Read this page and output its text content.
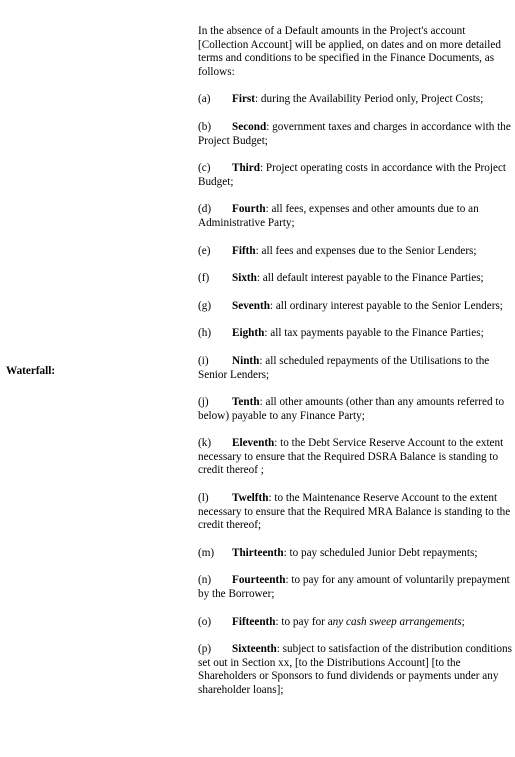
Waterfall:
In the absence of a Default amounts in the Project's account [Collection Account] will be applied, on dates and on more detailed terms and conditions to be specified in the Finance Documents, as follows:
(a) First: during the Availability Period only, Project Costs;
(b) Second: government taxes and charges in accordance with the Project Budget;
(c) Third: Project operating costs in accordance with the Project Budget;
(d) Fourth: all fees, expenses and other amounts due to an Administrative Party;
(e) Fifth: all fees and expenses due to the Senior Lenders;
(f) Sixth: all default interest payable to the Finance Parties;
(g) Seventh: all ordinary interest payable to the Senior Lenders;
(h) Eighth: all tax payments payable to the Finance Parties;
(i) Ninth: all scheduled repayments of the Utilisations to the Senior Lenders;
(j) Tenth: all other amounts (other than any amounts referred to below) payable to any Finance Party;
(k) Eleventh: to the Debt Service Reserve Account to the extent necessary to ensure that the Required DSRA Balance is standing to credit thereof ;
(l) Twelfth: to the Maintenance Reserve Account to the extent necessary to ensure that the Required MRA Balance is standing to the credit thereof;
(m) Thirteenth: to pay scheduled Junior Debt repayments;
(n) Fourteenth: to pay for any amount of voluntarily prepayment by the Borrower;
(o) Fifteenth: to pay for any cash sweep arrangements;
(p) Sixteenth: subject to satisfaction of the distribution conditions set out in Section xx, [to the Distributions Account] [to the Shareholders or Sponsors to fund dividends or payments under any shareholder loans];
